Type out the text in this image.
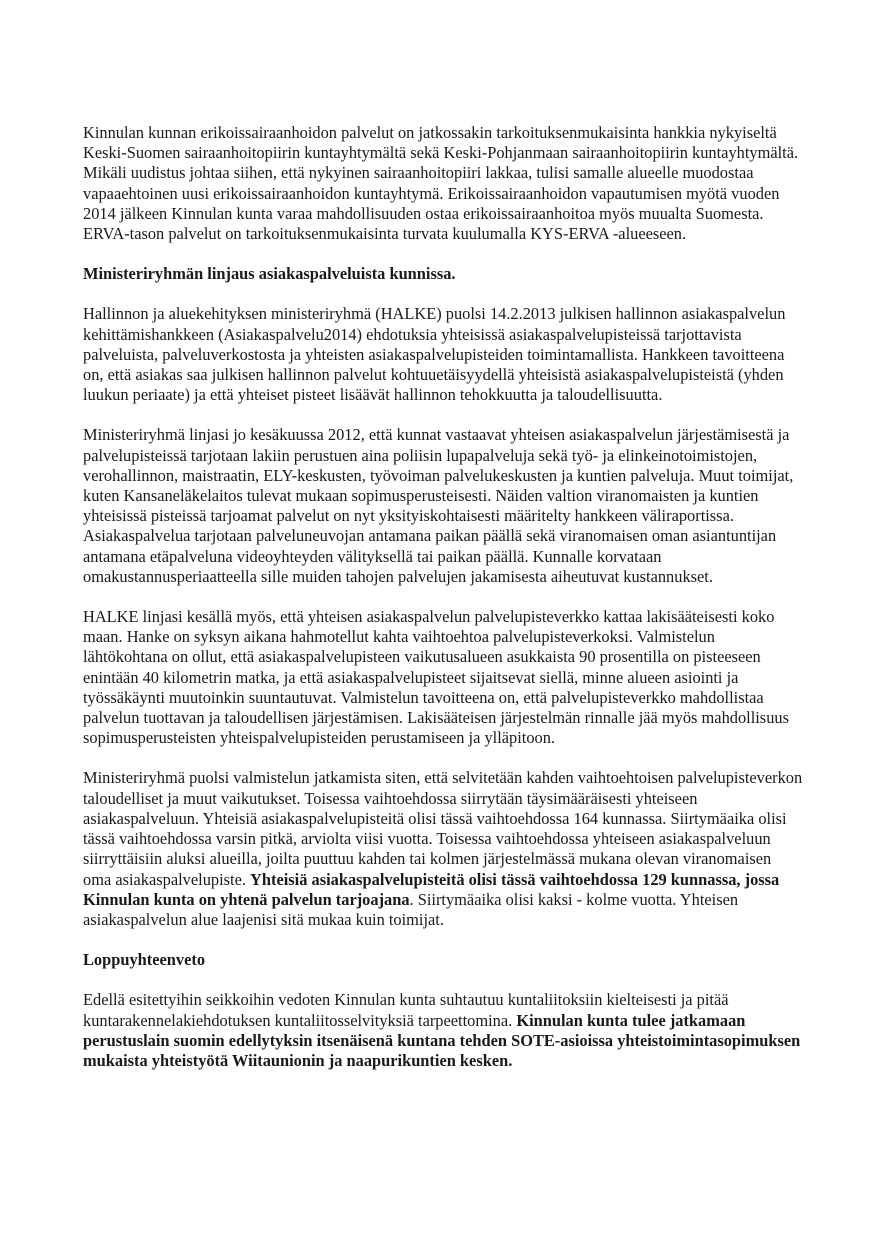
Kinnulan kunnan erikoissairaanhoidon palvelut on jatkossakin tarkoituksenmukaisinta hankkia nykyiseltä Keski-Suomen sairaanhoitopiirin kuntayhtymältä sekä Keski-Pohjanmaan sairaanhoitopiirin kuntayhtymältä. Mikäli uudistus johtaa siihen, että nykyinen sairaanhoitopiiri lakkaa, tulisi samalle alueelle muodostaa vapaaehtoinen uusi erikoissairaanhoidon kuntayhtymä. Erikoissairaanhoidon vapautumisen myötä vuoden 2014 jälkeen Kinnulan kunta varaa mahdollisuuden ostaa erikoissairaanhoitoa myös muualta Suomesta. ERVA-tason palvelut on tarkoituksenmukaisinta turvata kuulumalla KYS-ERVA -alueeseen.

Ministeriryhmän linjaus asiakaspalveluista kunnissa.

Hallinnon ja aluekehityksen ministeriryhmä (HALKE) puolsi 14.2.2013 julkisen hallinnon asiakaspalvelun kehittämishankkeen (Asiakaspalvelu2014) ehdotuksia yhteisissä asiakaspalvelupisteissä tarjottavista palveluista, palveluverkostosta ja yhteisten asiakaspalvelupisteiden toimintamallista. Hankkeen tavoitteena on, että asiakas saa julkisen hallinnon palvelut kohtuuetäisyydellä yhteisistä asiakaspalvelupisteistä (yhden luukun periaate) ja että yhteiset pisteet lisäävät hallinnon tehokkuutta ja taloudellisuutta.

Ministeriryhmä linjasi jo kesäkuussa 2012, että kunnat vastaavat yhteisen asiakaspalvelun järjestämisestä ja palvelupisteissä tarjotaan lakiin perustuen aina poliisin lupapalveluja sekä työ- ja elinkeinotoimistojen, verohallinnon, maistraatin, ELY-keskusten, työvoiman palvelukeskusten ja kuntien palveluja. Muut toimijat, kuten Kansaneläkelaitos tulevat mukaan sopimusperusteisesti. Näiden valtion viranomaisten ja kuntien yhteisissä pisteissä tarjoamat palvelut on nyt yksityiskohtaisesti määritelty hankkeen väliraportissa. Asiakaspalvelua tarjotaan palveluneuvojan antamana paikan päällä sekä viranomaisen oman asiantuntijan antamana etäpalveluna videoyhteyden välityksellä tai paikan päällä. Kunnalle korvataan omakustannusperiaatteella sille muiden tahojen palvelujen jakamisesta aiheutuvat kustannukset.

HALKE linjasi kesällä myös, että yhteisen asiakaspalvelun palvelupisteverkko kattaa lakisääteisesti koko maan. Hanke on syksyn aikana hahmotellut kahta vaihtoehtoa palvelupisteverkoksi. Valmistelun lähtökohtana on ollut, että asiakaspalvelupisteen vaikutusalueen asukkaista 90 prosentilla on pisteeseen enintään 40 kilometrin matka, ja että asiakaspalvelupisteet sijaitsevat siellä, minne alueen asiointi ja työssäkäynti muutoinkin suuntautuvat. Valmistelun tavoitteena on, että palvelupisteverkko mahdollistaa palvelun tuottavan ja taloudellisen järjestämisen. Lakisääteisen järjestelmän rinnalle jää myös mahdollisuus sopimusperusteisten yhteispalvelupisteiden perustamiseen ja ylläpitoon.

Ministeriryhmä puolsi valmistelun jatkamista siten, että selvitetään kahden vaihtoehtoisen palvelupisteverkon taloudelliset ja muut vaikutukset. Toisessa vaihtoehdossa siirrytään täysimääräisesti yhteiseen asiakaspalveluun. Yhteisiä asiakaspalvelupisteitä olisi tässä vaihtoehdossa 164 kunnassa. Siirtymäaika olisi tässä vaihtoehdossa varsin pitkä, arviolta viisi vuotta. Toisessa vaihtoehdossa yhteiseen asiakaspalveluun siirryttäisiin aluksi alueilla, joilta puuttuu kahden tai kolmen järjestelmässä mukana olevan viranomaisen oma asiakaspalvelupiste. Yhteisiä asiakaspalvelupisteitä olisi tässä vaihtoehdossa 129 kunnassa, jossa Kinnulan kunta on yhtenä palvelun tarjoajana. Siirtymäaika olisi kaksi - kolme vuotta. Yhteisen asiakaspalvelun alue laajenisi sitä mukaa kuin toimijat.

Loppuyhteenveto

Edellä esitettyihin seikkoihin vedoten Kinnulan kunta suhtautuu kuntaliitoksiin kielteisesti ja pitää kuntarakennelakiehdotuksen kuntaliitosselvityksiä tarpeettomina. Kinnulan kunta tulee jatkamaan perustuslain suomin edellytyksin itsenäisenä kuntana tehden SOTE-asioissa yhteistoimintasopimuksen mukaista yhteistyötä Wiitaunionin ja naapurikuntien kesken.
